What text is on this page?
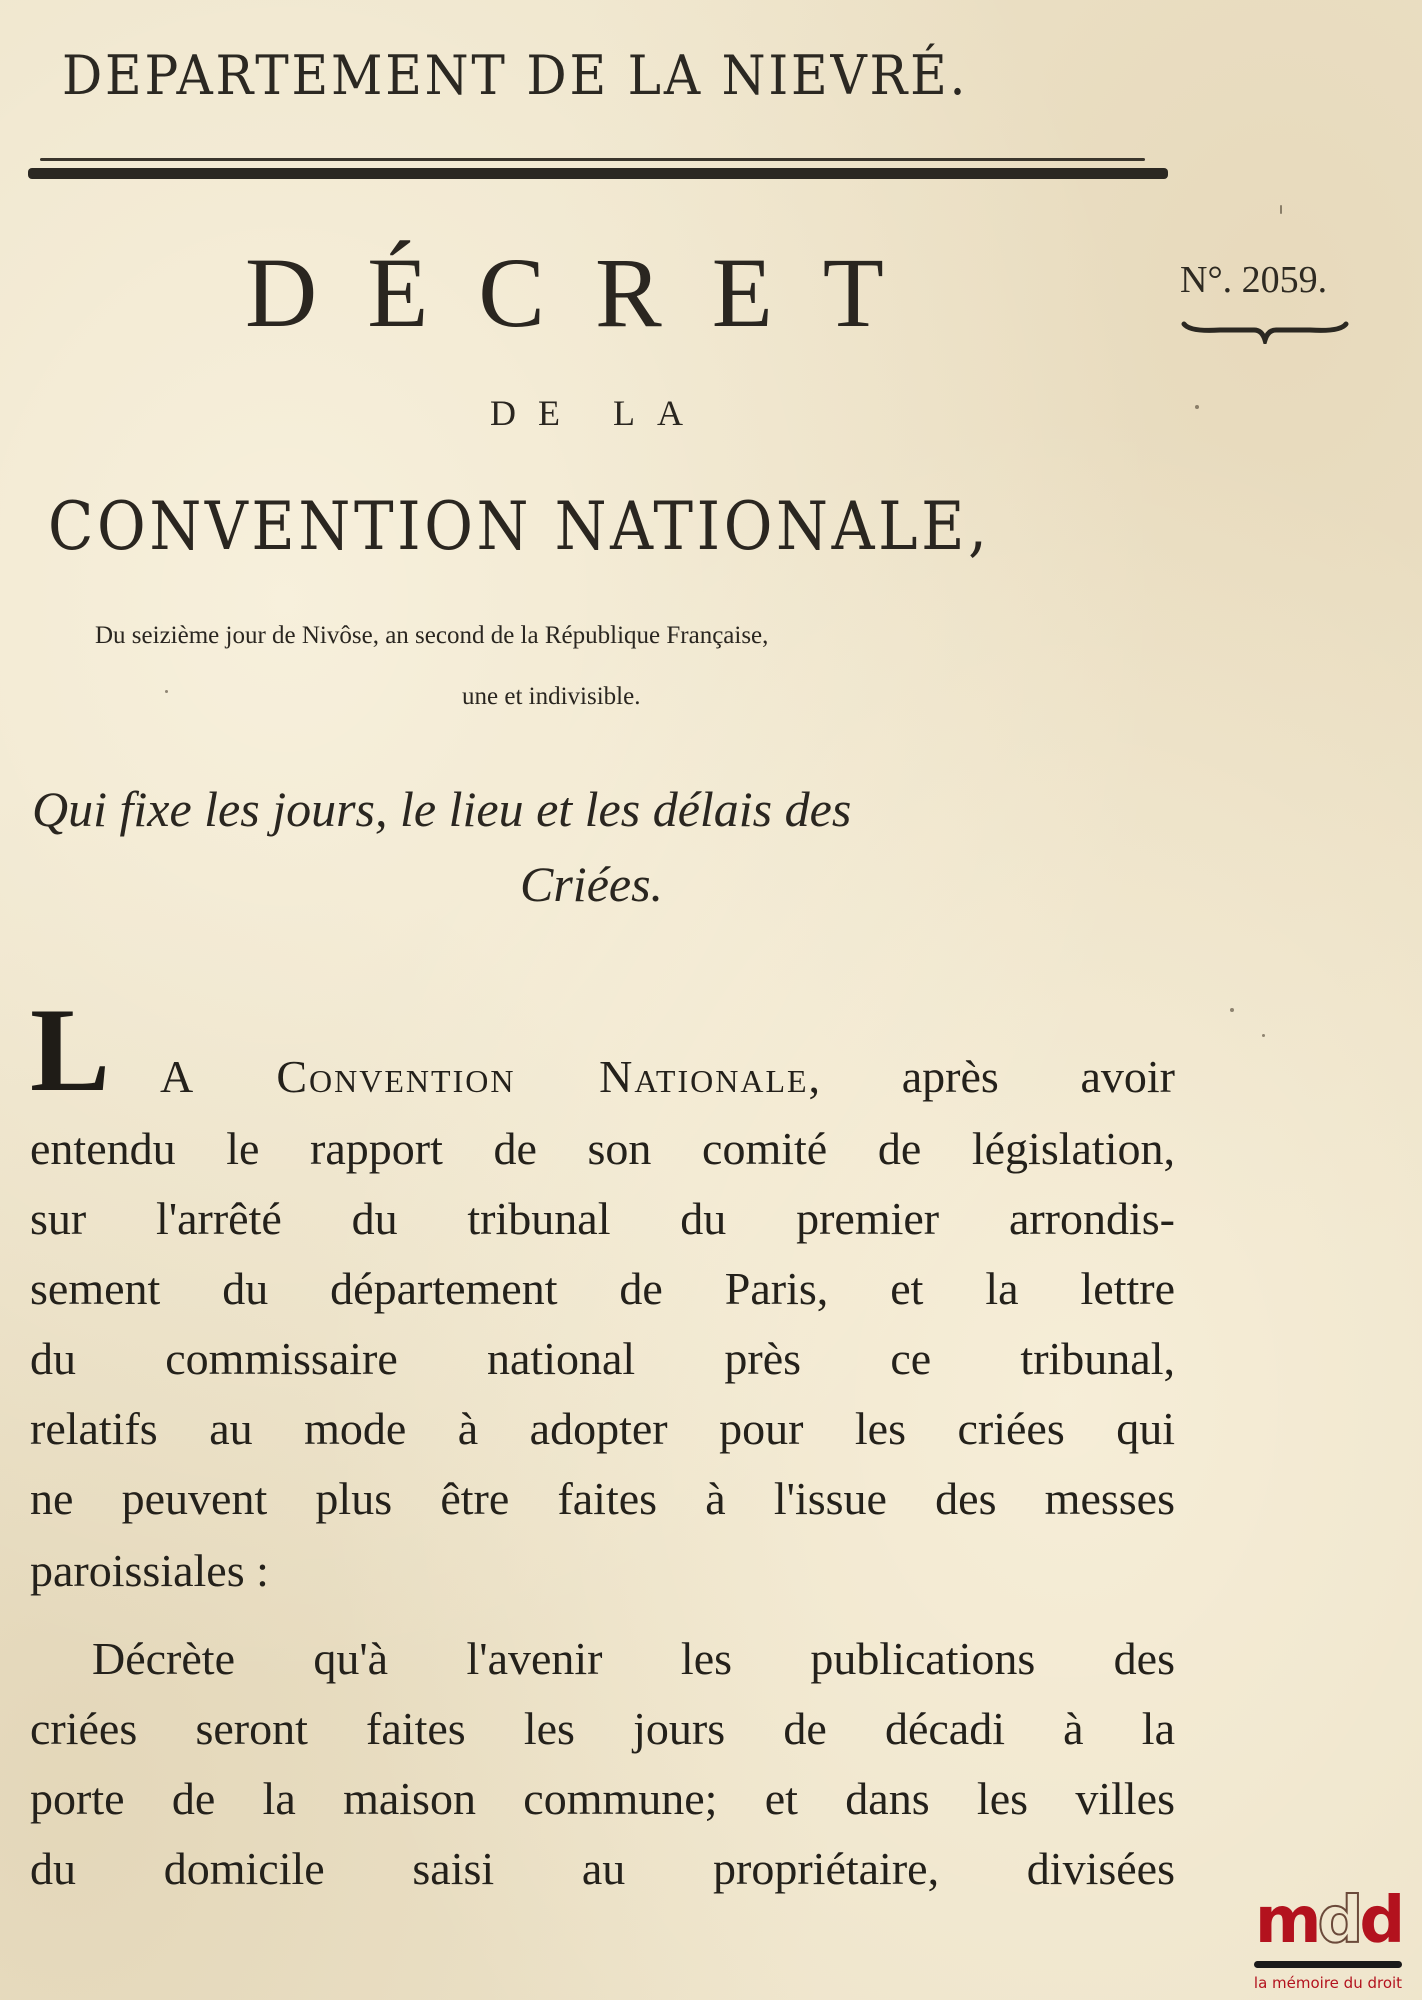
DEPARTEMENT DE LA NIEVRÉ.
DÉCRET	N°. 2059.
DE LA
CONVENTION NATIONALE,
Du seizième jour de Nivôse, an second de la République Française,
une et indivisible.
Qui fixe les jours, le lieu et les délais des
Criées.
L A Convention Nationale, après avoir
entendu le rapport de son comité de législation,
sur l'arrêté du tribunal du premier arrondis-
sement du département de Paris, et la lettre
du commissaire national près ce tribunal,
relatifs au mode à adopter pour les criées qui
ne peuvent plus être faites à l'issue des messes
paroissiales :
Décrète qu'à l'avenir les publications des
criées seront faites les jours de décadi à la
porte de la maison commune; et dans les villes
du domicile saisi au propriétaire, divisées
mdd
la mémoire du droit
